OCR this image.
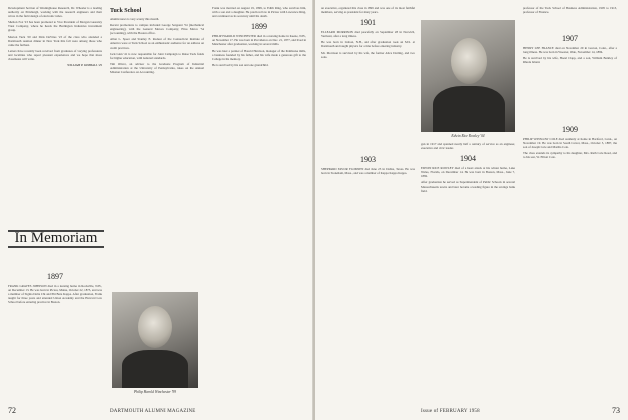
Development Section of Westinghouse Research, Dr. Wheeler is a leading authority on Pittsburgh, working with the research engineers and their wives in the field design of electronic tubes.

Shelton Fox '23 has been promoted to Vice President of Morgan Guaranty Trust Company, where he heads the Burlington Industries investment group.

Morton Tuck '20 and Dick DeVries '23 of the class who attended a Dartmouth reunion dinner in New York this fall were among those who came the farthest.

Letters have recently been received from graduates of varying professions and localities who report pleasant experiences and we hope that more classmates will write.

WILLIAM P. KIMBALL '29
In Memoriam
1897

FRANK GRAVES JOHNSON died in a nursing home in Rockville, N.H., on December 13. He was born in Pictou, Maine, October 22, 1875, and was a member of Sigma Delta Chi and Phi Beta Kappa. After graduation, Frank taught for three years and attended Union Academy and the Harvard Law School before entering practice in Boston.

Tuck School

Alumni news is very scanty this month.

Recent promotions to campus included George Sergeant '54 (mechanical engineering), with the General Motors Company; Elias Marco '54 (accounting), with the Boston office.

Allan L. Speer and Stanley E. Rodeur of the Connecticut Institute of America were at Tuck School as an enthusiastic audience for an address on credit practices.

Jack Glen '41 is now responsible for Joint Campaign to Raise Tuck funds for higher education, with national standards.

Tim Oliver, an advisor to the Graduate Program of Industrial Administration at the University of Pennsylvania, takes on the Annual Mission Conference on Accounting.

Philip Harold Winchester '99

Frank was married on August 19, 1899, to Edith Ring, who survives him, with a son and a daughter. He practiced law in Pictou with Lawrence Ring, and continued as its secretary until his death.

1899

PHILIP HAROLD WINCHESTER died in a nursing home in Keene, N.H., on November 17. He was born in Providence on Dec. 21, 1877, and lived in Manchester after graduation, working in several mills.

He was later a partner of Harold Harrison, manager of the Pembroke mills, a business founded by his father, and his wife made a generous gift to the College in his memory.

He is survived by his son and one grandchild.

72	DARTMOUTH ALUMNI MAGAZINE

an executive, organized this class in 1899 and was one of its most faithful members, serving as president for many years.

1901

ELLEARD MORRISON died peacefully on September 28 in Norwich, Vermont, after a long illness.

He was born in Lisbon, N.H., and after graduation took an M.S. at Dartmouth and taught physics for a time before entering industry.

Mr. Morrison is survived by his wife, the former Alice Darling, and two sons.

1903

SHEPPARD FAVOR FLOMSEN died June 23 in Dallas, Texas. He was born in Stoneham, Mass., and was a member of Kappa Kappa Kappa.

Edwin Rice Rowley '04

gan in 1917 and spanned nearly half a century of service as an engineer, executive and civic leader.

1904

EDWIN RICE ROWLEY died of a heart attack at his winter home, Lake Wales, Florida, on December 14. He was born in Boston, Mass., June 7, 1882.

After graduation he served as Superintendent of Public Schools in several Massachusetts towns and later became a leading figure in the savings bank field.

professor of the Tuck School of Business Administration, 1905 to 1913, professor of Finance.

1907

HENRY LEE FRANCE died on November 29 in Groton, Conn., after a long illness. He was born in Wooster, Ohio, November 14, 1884.

He is survived by his wife, Hazel Clapp, and a son, William Bentley of Rhode Island.

1909

PHILIP WINSLOW COLE died suddenly at home in Hartford, Conn., on November 19. He was born in South Carver, Mass., October 5, 1887, the son of Joseph Cole and Martha Cole.

The class extends its sympathy to his daughter, Mrs. Ruth Cole Reed, and to his son, W. Elliott Cole.

Issue of FEBRUARY 1958	73
